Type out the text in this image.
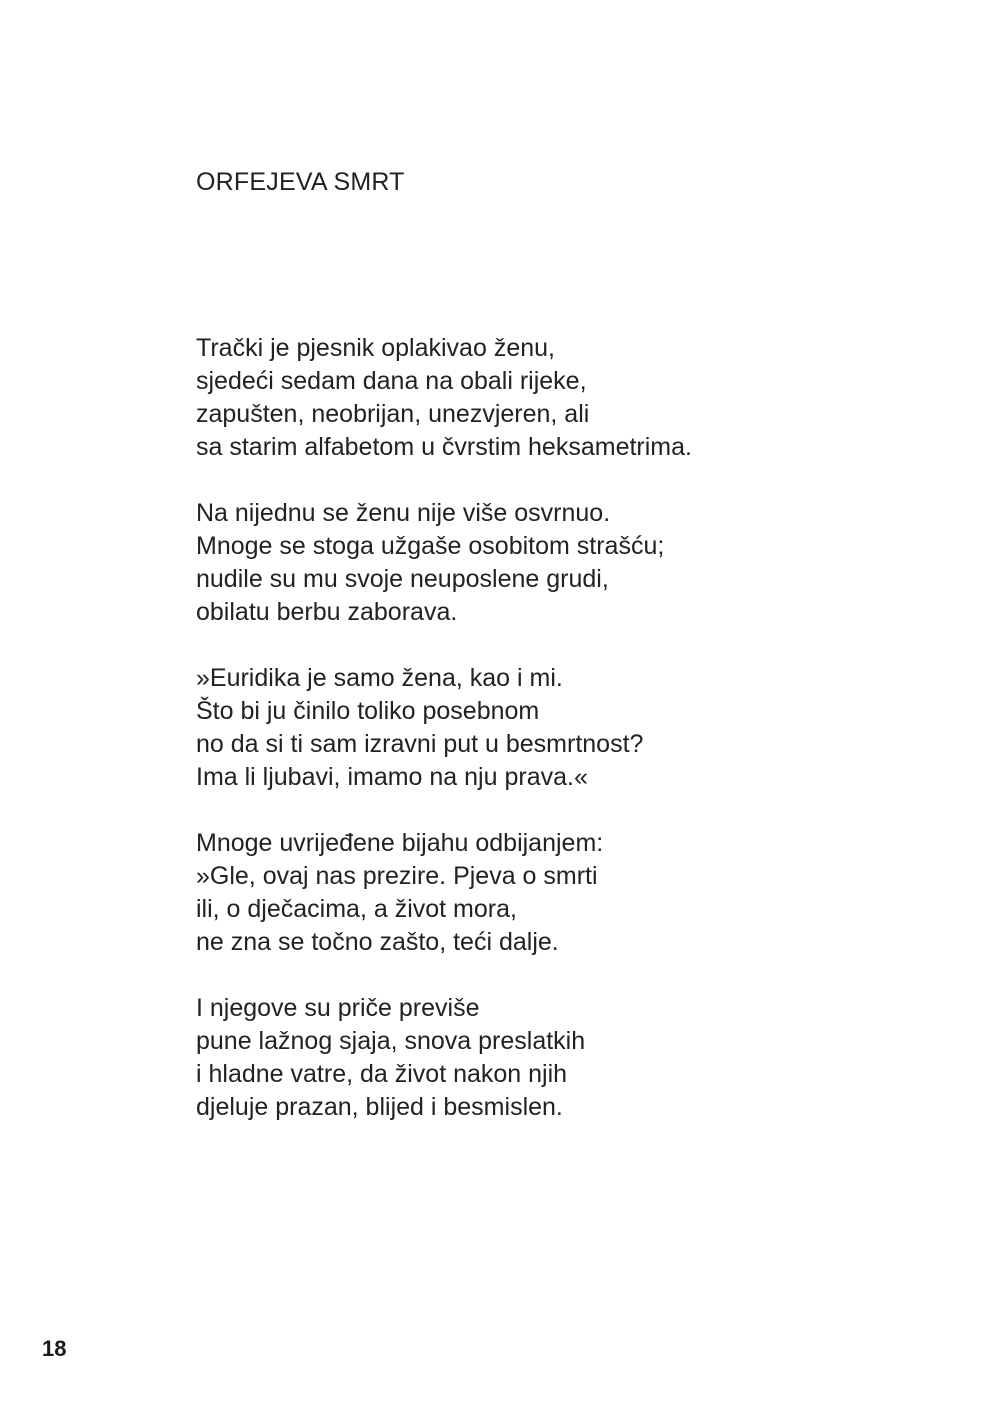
ORFEJEVA SMRT

Trački je pjesnik oplakivao ženu,
sjedeći sedam dana na obali rijeke,
zapušten, neobrijan, unezvjeren, ali
sa starim alfabetom u čvrstim heksametrima.

Na nijednu se ženu nije više osvrnuo.
Mnoge se stoga užgaše osobitom strašću;
nudile su mu svoje neuposlene grudi,
obilatu berbu zaborava.

»Euridika je samo žena, kao i mi.
Što bi ju činilo toliko posebnom
no da si ti sam izravni put u besmrtnost?
Ima li ljubavi, imamo na nju prava.«

Mnoge uvrijeđene bijahu odbijanjem:
»Gle, ovaj nas prezire. Pjeva o smrti
ili, o dječacima, a život mora,
ne zna se točno zašto, teći dalje.

I njegove su priče previše
pune lažnog sjaja, snova preslatkih
i hladne vatre, da život nakon njih
djeluje prazan, blijed i besmislen.

18
